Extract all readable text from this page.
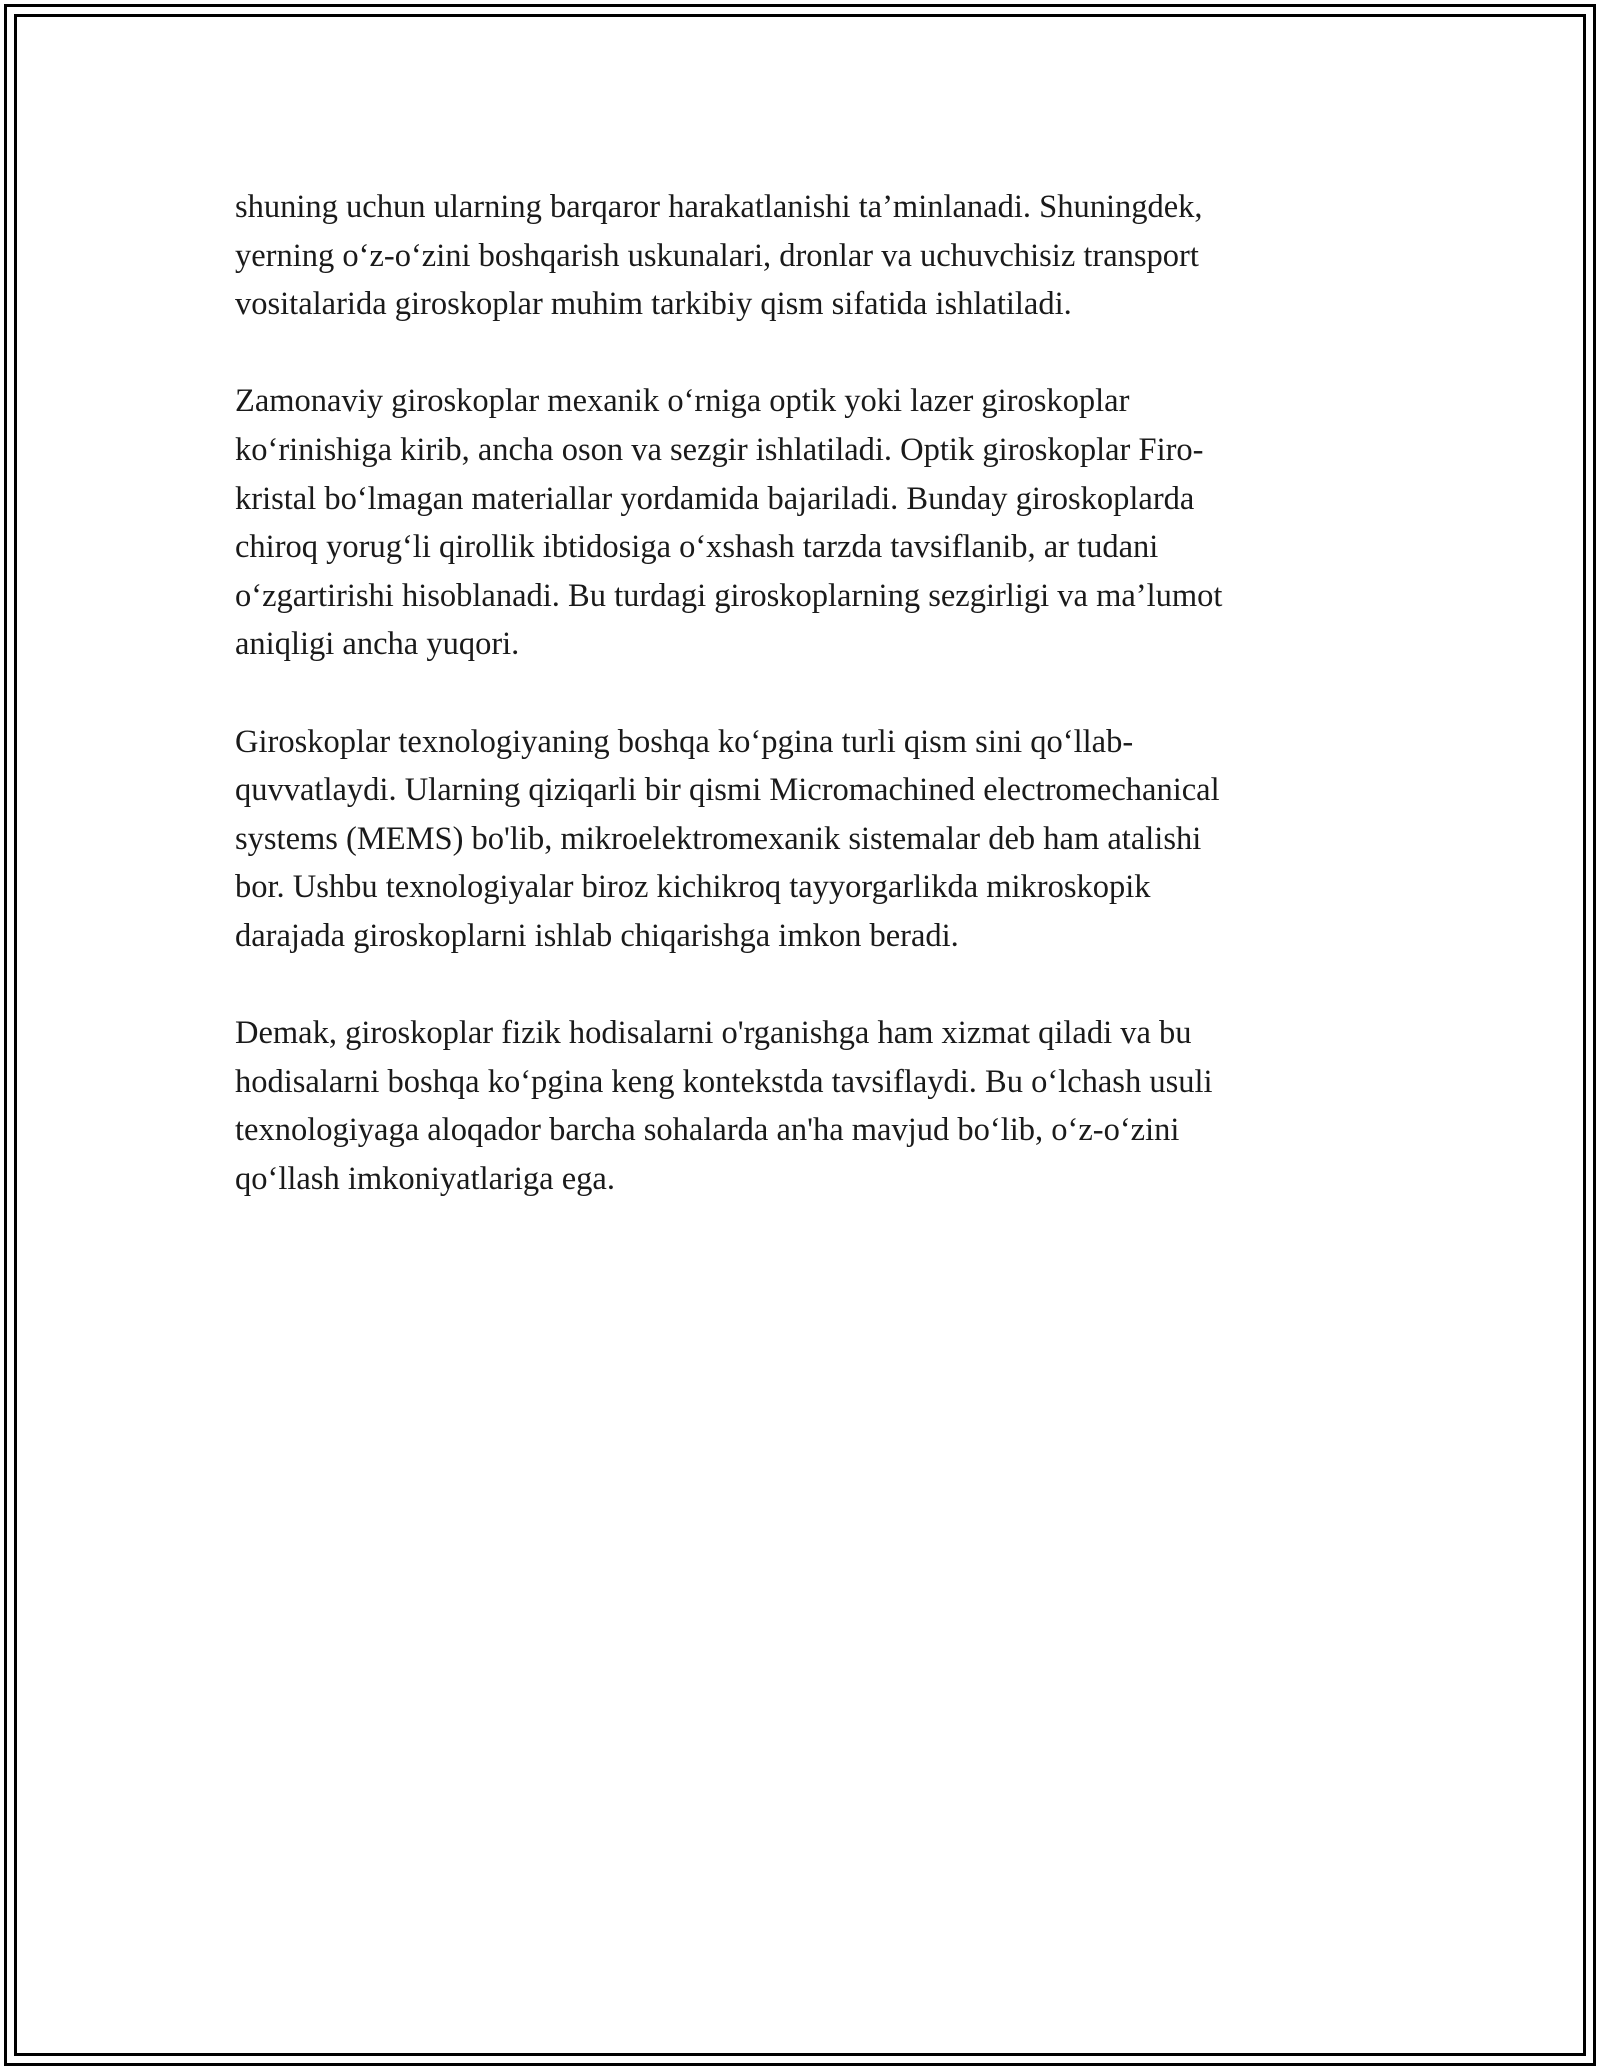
shuning uchun ularning barqaror harakatlanishi ta’minlanadi. Shuningdek,
yerning o‘z-o‘zini boshqarish uskunalari, dronlar va uchuvchisiz transport
vositalarida giroskoplar muhim tarkibiy qism sifatida ishlatiladi.

Zamonaviy giroskoplar mexanik o‘rniga optik yoki lazer giroskoplar
ko‘rinishiga kirib, ancha oson va sezgir ishlatiladi. Optik giroskoplar Firo-
kristal bo‘lmagan materiallar yordamida bajariladi. Bunday giroskoplarda
chiroq yorug‘li qirollik ibtidosiga o‘xshash tarzda tavsiflanib, ar tudani
o‘zgartirishi hisoblanadi. Bu turdagi giroskoplarning sezgirligi va ma’lumot
aniqligi ancha yuqori.

Giroskoplar texnologiyaning boshqa ko‘pgina turli qism sini qo‘llab-
quvvatlaydi. Ularning qiziqarli bir qismi Micromachined electromechanical
systems (MEMS) bo'lib, mikroelektromexanik sistemalar deb ham atalishi
bor. Ushbu texnologiyalar biroz kichikroq tayyorgarlikda mikroskopik
darajada giroskoplarni ishlab chiqarishga imkon beradi.

Demak, giroskoplar fizik hodisalarni o'rganishga ham xizmat qiladi va bu
hodisalarni boshqa ko‘pgina keng kontekstda tavsiflaydi. Bu o‘lchash usuli
texnologiyaga aloqador barcha sohalarda an'ha mavjud bo‘lib, o‘z-o‘zini
qo‘llash imkoniyatlariga ega.
